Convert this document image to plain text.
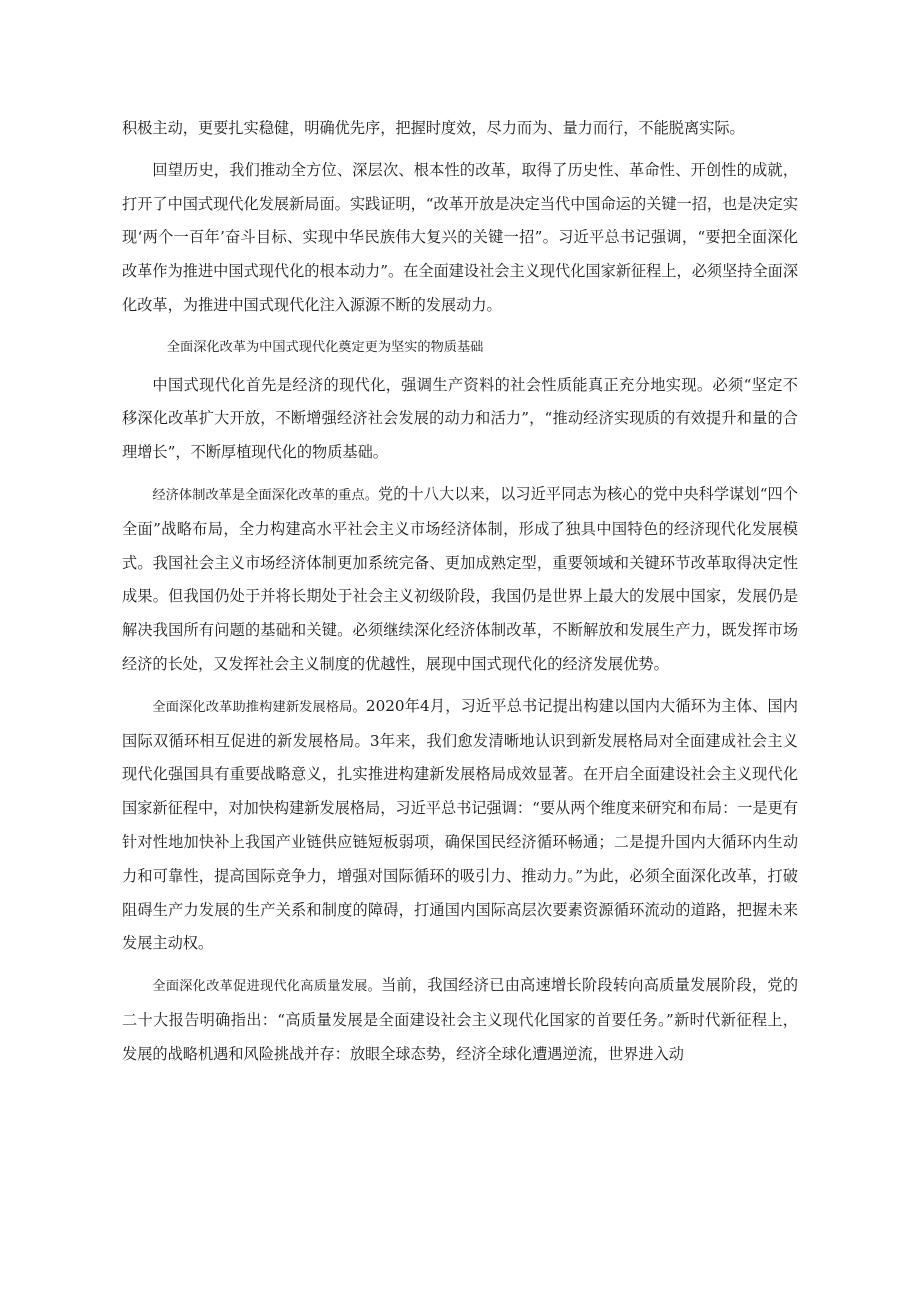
积极主动，更要扎实稳健，明确优先序，把握时度效，尽力而为、量力而行，不能脱离实际。

回望历史，我们推动全方位、深层次、根本性的改革，取得了历史性、革命性、开创性的成就，打开了中国式现代化发展新局面。实践证明，“改革开放是决定当代中国命运的关键一招，也是决定实现‘两个一百年’奋斗目标、实现中华民族伟大复兴的关键一招”。习近平总书记强调，“要把全面深化改革作为推进中国式现代化的根本动力”。在全面建设社会主义现代化国家新征程上，必须坚持全面深化改革，为推进中国式现代化注入源源不断的发展动力。

全面深化改革为中国式现代化奠定更为坚实的物质基础

中国式现代化首先是经济的现代化，强调生产资料的社会性质能真正充分地实现。必须“坚定不移深化改革扩大开放，不断增强经济社会发展的动力和活力”，“推动经济实现质的有效提升和量的合理增长”，不断厚植现代化的物质基础。

经济体制改革是全面深化改革的重点。党的十八大以来，以习近平同志为核心的党中央科学谋划“四个全面”战略布局，全力构建高水平社会主义市场经济体制，形成了独具中国特色的经济现代化发展模式。我国社会主义市场经济体制更加系统完备、更加成熟定型，重要领域和关键环节改革取得决定性成果。但我国仍处于并将长期处于社会主义初级阶段，我国仍是世界上最大的发展中国家，发展仍是解决我国所有问题的基础和关键。必须继续深化经济体制改革，不断解放和发展生产力，既发挥市场经济的长处，又发挥社会主义制度的优越性，展现中国式现代化的经济发展优势。

全面深化改革助推构建新发展格局。2020年4月，习近平总书记提出构建以国内大循环为主体、国内国际双循环相互促进的新发展格局。3年来，我们愈发清晰地认识到新发展格局对全面建成社会主义现代化强国具有重要战略意义，扎实推进构建新发展格局成效显著。在开启全面建设社会主义现代化国家新征程中，对加快构建新发展格局，习近平总书记强调：“要从两个维度来研究和布局：一是更有针对性地加快补上我国产业链供应链短板弱项，确保国民经济循环畅通；二是提升国内大循环内生动力和可靠性，提高国际竞争力，增强对国际循环的吸引力、推动力。”为此，必须全面深化改革，打破阻碍生产力发展的生产关系和制度的障碍，打通国内国际高层次要素资源循环流动的道路，把握未来发展主动权。

全面深化改革促进现代化高质量发展。当前，我国经济已由高速增长阶段转向高质量发展阶段，党的二十大报告明确指出：“高质量发展是全面建设社会主义现代化国家的首要任务。”新时代新征程上，发展的战略机遇和风险挑战并存：放眼全球态势，经济全球化遭遇逆流，世界进入动
